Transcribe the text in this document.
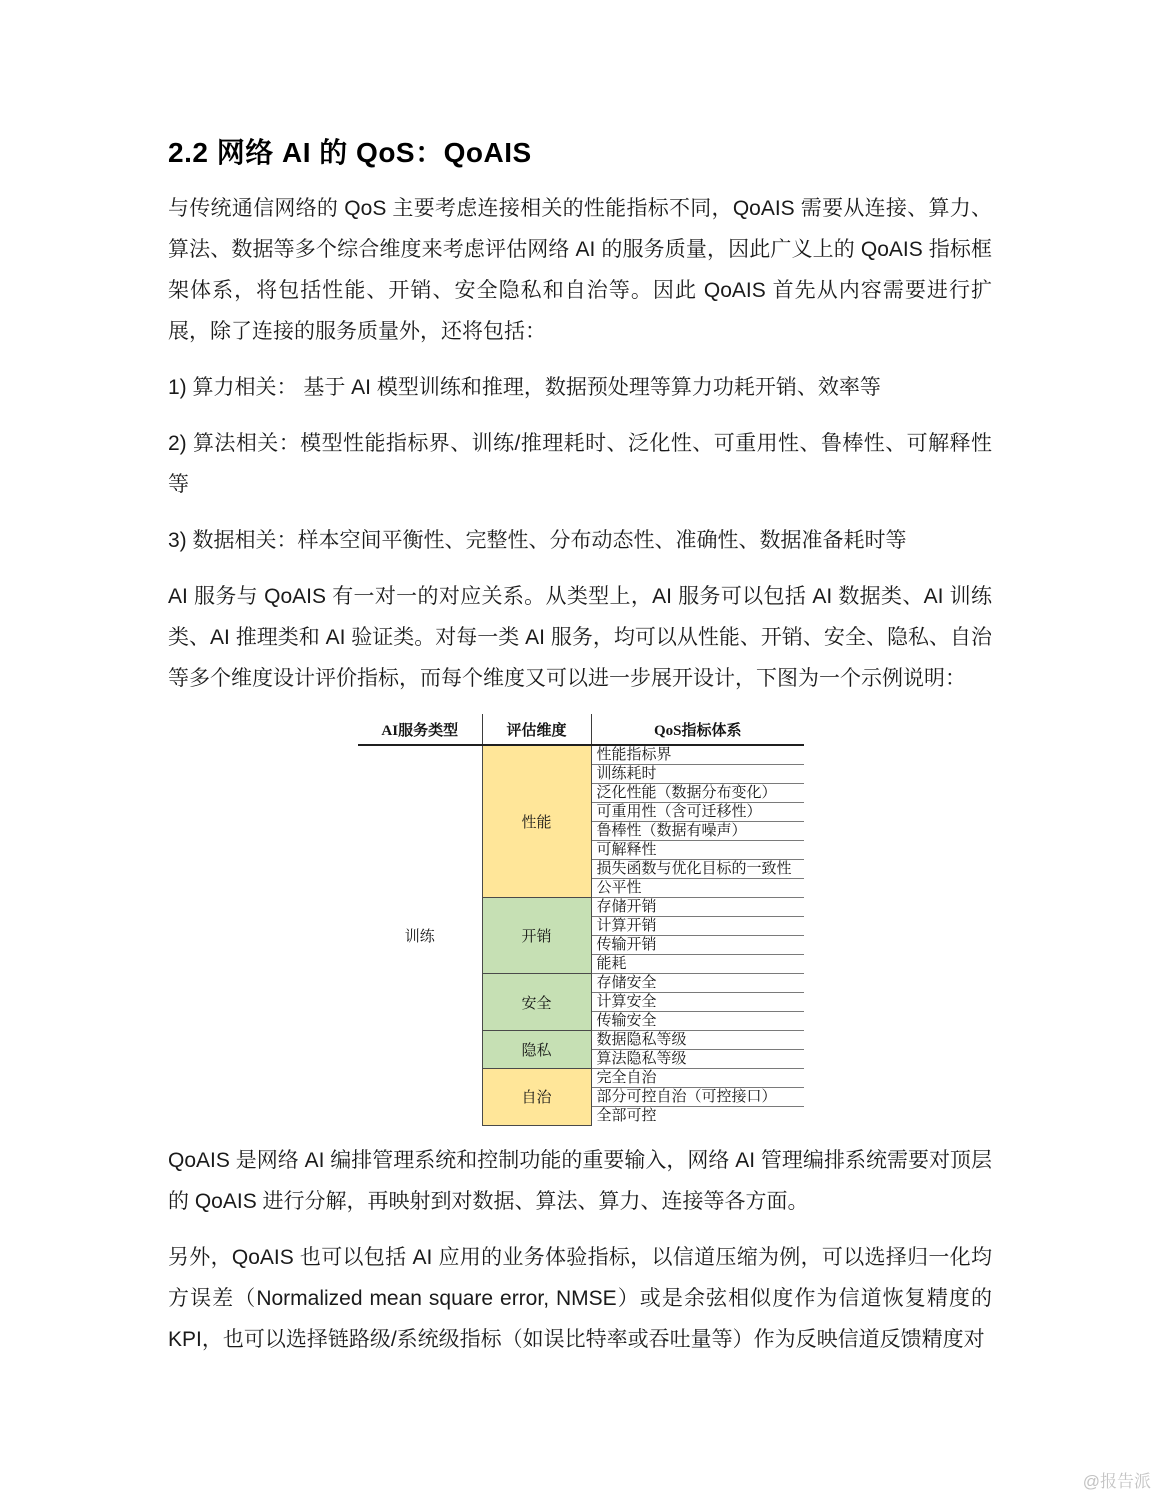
2.2 网络 AI 的 QoS：QoAIS

与传统通信网络的 QoS 主要考虑连接相关的性能指标不同，QoAIS 需要从连接、算力、算法、数据等多个综合维度来考虑评估网络 AI 的服务质量，因此广义上的 QoAIS 指标框架体系，将包括性能、开销、安全隐私和自治等。因此 QoAIS 首先从内容需要进行扩展，除了连接的服务质量外，还将包括：

1) 算力相关： 基于 AI 模型训练和推理，数据预处理等算力功耗开销、效率等

2) 算法相关：模型性能指标界、训练/推理耗时、泛化性、可重用性、鲁棒性、可解释性等

3) 数据相关：样本空间平衡性、完整性、分布动态性、准确性、数据准备耗时等

AI 服务与 QoAIS 有一对一的对应关系。从类型上，AI 服务可以包括 AI 数据类、AI 训练类、AI 推理类和 AI 验证类。对每一类 AI 服务，均可以从性能、开销、安全、隐私、自治等多个维度设计评价指标，而每个维度又可以进一步展开设计，下图为一个示例说明：

AI服务类型	评估维度	QoS指标体系
训练	性能	性能指标界
		训练耗时
		泛化性能（数据分布变化）
		可重用性（含可迁移性）
		鲁棒性（数据有噪声）
		可解释性
		损失函数与优化目标的一致性
		公平性
	开销	存储开销
		计算开销
		传输开销
		能耗
	安全	存储安全
		计算安全
		传输安全
	隐私	数据隐私等级
		算法隐私等级
	自治	完全自治
		部分可控自治（可控接口）
		全部可控

QoAIS 是网络 AI 编排管理系统和控制功能的重要输入，网络 AI 管理编排系统需要对顶层的 QoAIS 进行分解，再映射到对数据、算法、算力、连接等各方面。

另外，QoAIS 也可以包括 AI 应用的业务体验指标，以信道压缩为例，可以选择归一化均方误差（Normalized mean square error, NMSE）或是余弦相似度作为信道恢复精度的 KPI，也可以选择链路级/系统级指标（如误比特率或吞吐量等）作为反映信道反馈精度对

@报告派
